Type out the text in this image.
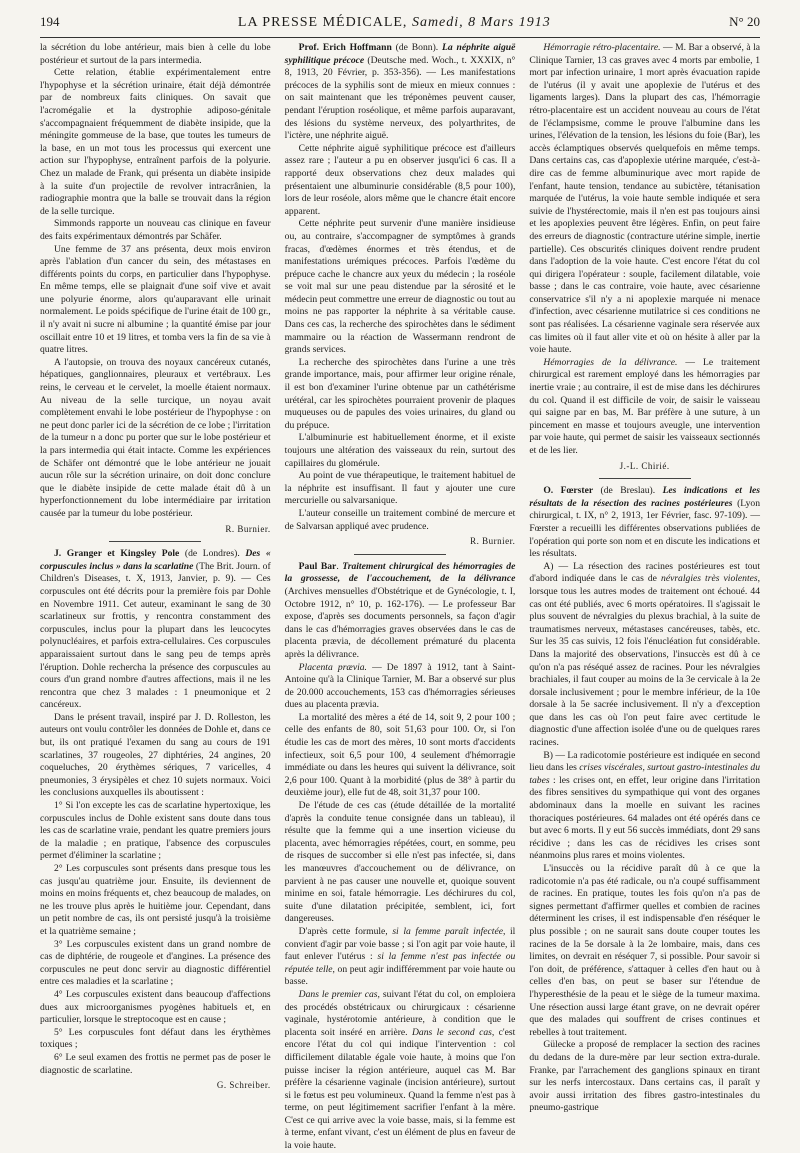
194	LA PRESSE MÉDICALE, Samedi, 8 Mars 1913	N° 20

la sécrétion du lobe antérieur, mais bien à celle du lobe postérieur et surtout de la pars intermedia.

Cette relation, établie expérimentalement entre l'hypophyse et la sécrétion urinaire, était déjà démontrée par de nombreux faits cliniques. On savait que l'acromégalie et la dystrophie adiposo-génitale s'accompagnaient fréquemment de diabète insipide, que la méningite gommeuse de la base, que toutes les tumeurs de la base, en un mot tous les processus qui exercent une action sur l'hypophyse, entraînent parfois de la polyurie. Chez un malade de Frank, qui présenta un diabète insipide à la suite d'un projectile de revolver intracrânien, la radiographie montra que la balle se trouvait dans la région de la selle turcique.

Simmonds rapporte un nouveau cas clinique en faveur des faits expérimentaux démontrés par Schäfer.

Une femme de 37 ans présenta, deux mois environ après l'ablation d'un cancer du sein, des métastases en différents points du corps, en particulier dans l'hypophyse. En même temps, elle se plaignait d'une soif vive et avait une polyurie énorme, alors qu'auparavant elle urinait normalement. Le poids spécifique de l'urine était de 100 gr., il n'y avait ni sucre ni albumine ; la quantité émise par jour oscillait entre 10 et 19 litres, et tomba vers la fin de sa vie à quatre litres.

A l'autopsie, on trouva des noyaux cancéreux cutanés, hépatiques, ganglionnaires, pleuraux et vertébraux. Les reins, le cerveau et le cervelet, la moelle étaient normaux. Au niveau de la selle turcique, un noyau avait complètement envahi le lobe postérieur de l'hypophyse : on ne peut donc parler ici de la sécrétion de ce lobe ; l'irritation de la tumeur n a donc pu porter que sur le lobe postérieur et la pars intermedia qui était intacte. Comme les expériences de Schäfer ont démontré que le lobe antérieur ne jouait aucun rôle sur la sécrétion urinaire, on doit donc conclure que le diabète insipide de cette malade était dû à un hyperfonctionnement du lobe intermédiaire par irritation causée par la tumeur du lobe postérieur.

R. Burnier.

J. Granger et Kingsley Pole (de Londres). Des « corpuscules inclus » dans la scarlatine (The Brit. Journ. of Children's Diseases, t. X, 1913, Janvier, p. 9). — Ces corpuscules ont été décrits pour la première fois par Dohle en Novembre 1911. Cet auteur, examinant le sang de 30 scarlatineux sur frottis, y rencontra constamment des corpuscules, inclus pour la plupart dans les leucocytes polynucléaires, et parfois extra-cellulaires. Ces corpuscules apparaissaient surtout dans le sang peu de temps après l'éruption. Dohle rechercha la présence des corpuscules au cours d'un grand nombre d'autres affections, mais il ne les rencontra que chez 3 malades : 1 pneumonique et 2 cancéreux.

Dans le présent travail, inspiré par J. D. Rolleston, les auteurs ont voulu contrôler les données de Dohle et, dans ce but, ils ont pratiqué l'examen du sang au cours de 191 scarlatines, 37 rougeoles, 27 diphtéries, 24 angines, 20 coqueluches, 20 érythèmes sériques, 7 varicelles, 4 pneumonies, 3 érysipèles et chez 10 sujets normaux. Voici les conclusions auxquelles ils aboutissent :

1° Si l'on excepte les cas de scarlatine hypertoxique, les corpuscules inclus de Dohle existent sans doute dans tous les cas de scarlatine vraie, pendant les quatre premiers jours de la maladie ; en pratique, l'absence des corpuscules permet d'éliminer la scarlatine ;

2° Les corpuscules sont présents dans presque tous les cas jusqu'au quatrième jour. Ensuite, ils deviennent de moins en moins fréquents et, chez beaucoup de malades, on ne les trouve plus après le huitième jour. Cependant, dans un petit nombre de cas, ils ont persisté jusqu'à la troisième et la quatrième semaine ;

3° Les corpuscules existent dans un grand nombre de cas de diphtérie, de rougeole et d'angines. La présence des corpuscules ne peut donc servir au diagnostic différentiel entre ces maladies et la scarlatine ;

4° Les corpuscules existent dans beaucoup d'affections dues aux microorganismes pyogènes habituels et, en particulier, lorsque le streptocoque est en cause ;

5° Les corpuscules font défaut dans les érythèmes toxiques ;

6° Le seul examen des frottis ne permet pas de poser le diagnostic de scarlatine.

G. Schreiber.

Prof. Erich Hoffmann (de Bonn). La néphrite aiguë syphilitique précoce (Deutsche med. Woch., t. XXXIX, n° 8, 1913, 20 Février, p. 353-356). — Les manifestations précoces de la syphilis sont de mieux en mieux connues : on sait maintenant que les tréponèmes peuvent causer, pendant l'éruption roséolique, et même parfois auparavant, des lésions du système nerveux, des polyarthrites, de l'ictère, une néphrite aiguë.

Cette néphrite aiguë syphilitique précoce est d'ailleurs assez rare ; l'auteur a pu en observer jusqu'ici 6 cas. Il a rapporté deux observations chez deux malades qui présentaient une albuminurie considérable (8,5 pour 100), lors de leur roséole, alors même que le chancre était encore apparent.

Cette néphrite peut survenir d'une manière insidieuse ou, au contraire, s'accompagner de symptômes à grands fracas, d'œdèmes énormes et très étendus, et de manifestations urémiques précoces. Parfois l'œdème du prépuce cache le chancre aux yeux du médecin ; la roséole se voit mal sur une peau distendue par la sérosité et le médecin peut commettre une erreur de diagnostic ou tout au moins ne pas rapporter la néphrite à sa véritable cause. Dans ces cas, la recherche des spirochètes dans le sédiment mammaire ou la réaction de Wassermann rendront de grands services.

La recherche des spirochètes dans l'urine a une très grande importance, mais, pour affirmer leur origine rénale, il est bon d'examiner l'urine obtenue par un cathétérisme urétéral, car les spirochètes pourraient provenir de plaques muqueuses ou de papules des voies urinaires, du gland ou du prépuce.

L'albuminurie est habituellement énorme, et il existe toujours une altération des vaisseaux du rein, surtout des capillaires du glomérule.

Au point de vue thérapeutique, le traitement habituel de la néphrite est insuffisant. Il faut y ajouter une cure mercurielle ou salvarsanique.

L'auteur conseille un traitement combiné de mercure et de Salvarsan appliqué avec prudence.

R. Burnier.

Paul Bar. Traitement chirurgical des hémorragies de la grossesse, de l'accouchement, de la délivrance (Archives mensuelles d'Obstétrique et de Gynécologie, t. I, Octobre 1912, n° 10, p. 162-176). — Le professeur Bar expose, d'après ses documents personnels, sa façon d'agir dans le cas d'hémorragies graves observées dans le cas de placenta prævia, de décollement prématuré du placenta après la délivrance.

Placenta prævia. — De 1897 à 1912, tant à Saint-Antoine qu'à la Clinique Tarnier, M. Bar a observé sur plus de 20.000 accouchements, 153 cas d'hémorragies sérieuses dues au placenta prævia.

La mortalité des mères a été de 14, soit 9, 2 pour 100 ; celle des enfants de 80, soit 51,63 pour 100. Or, si l'on étudie les cas de mort des mères, 10 sont morts d'accidents infectieux, soit 6,5 pour 100, 4 seulement d'hémorragie immédiate ou dans les heures qui suivent la délivrance, soit 2,6 pour 100. Quant à la morbidité (plus de 38° à partir du deuxième jour), elle fut de 48, soit 31,37 pour 100.

De l'étude de ces cas (étude détaillée de la mortalité d'après la conduite tenue consignée dans un tableau), il résulte que la femme qui a une insertion vicieuse du placenta, avec hémorragies répétées, court, en somme, peu de risques de succomber si elle n'est pas infectée, si, dans les manœuvres d'accouchement ou de délivrance, on parvient à ne pas causer une nouvelle et, quoique souvent minime en soi, fatale hémorragie. Les déchirures du col, suite d'une dilatation précipitée, semblent, ici, fort dangereuses.

D'après cette formule, si la femme paraît infectée, il convient d'agir par voie basse ; si l'on agit par voie haute, il faut enlever l'utérus : si la femme n'est pas infectée ou réputée telle, on peut agir indifféremment par voie haute ou basse.

Dans le premier cas, suivant l'état du col, on emploiera des procédés obstétricaux ou chirurgicaux : césarienne vaginale, hystérotomie antérieure, à condition que le placenta soit inséré en arrière. Dans le second cas, c'est encore l'état du col qui indique l'intervention : col difficilement dilatable égale voie haute, à moins que l'on puisse inciser la région antérieure, auquel cas M. Bar préfère la césarienne vaginale (incision antérieure), surtout si le fœtus est peu volumineux. Quand la femme n'est pas à terme, on peut légitimement sacrifier l'enfant à la mère. C'est ce qui arrive avec la voie basse, mais, si la femme est à terme, enfant vivant, c'est un élément de plus en faveur de la voie haute.

Hémorragie rétro-placentaire. — M. Bar a observé, à la Clinique Tarnier, 13 cas graves avec 4 morts par embolie, 1 mort par infection urinaire, 1 mort après évacuation rapide de l'utérus (il y avait une apoplexie de l'utérus et des ligaments larges). Dans la plupart des cas, l'hémorragie rétro-placentaire est un accident nouveau au cours de l'état de l'éclampsisme, comme le prouve l'albumine dans les urines, l'élévation de la tension, les lésions du foie (Bar), les accès éclamptiques observés quelquefois en même temps. Dans certains cas, cas d'apoplexie utérine marquée, c'est-à-dire cas de femme albuminurique avec mort rapide de l'enfant, haute tension, tendance au subictère, tétanisation marquée de l'utérus, la voie haute semble indiquée et sera suivie de l'hystérectomie, mais il n'en est pas toujours ainsi et les apoplexies peuvent être légères. Enfin, on peut faire des erreurs de diagnostic (contracture utérine simple, inertie partielle). Ces obscurités cliniques doivent rendre prudent dans l'adoption de la voie haute. C'est encore l'état du col qui dirigera l'opérateur : souple, facilement dilatable, voie basse ; dans le cas contraire, voie haute, avec césarienne conservatrice s'il n'y a ni apoplexie marquée ni menace d'infection, avec césarienne mutilatrice si ces conditions ne sont pas réalisées. La césarienne vaginale sera réservée aux cas limites où il faut aller vite et où on hésite à aller par la voie haute.

Hémorragies de la délivrance. — Le traitement chirurgical est rarement employé dans les hémorragies par inertie vraie ; au contraire, il est de mise dans les déchirures du col. Quand il est difficile de voir, de saisir le vaisseau qui saigne par en bas, M. Bar préfère à une suture, à un pincement en masse et toujours aveugle, une intervention par voie haute, qui permet de saisir les vaisseaux sectionnés et de les lier.

J.-L. Chirié.

O. Fœrster (de Breslau). Les indications et les résultats de la résection des racines postérieures (Lyon chirurgical, t. IX, n° 2, 1913, 1er Février, fasc. 97-109). — Fœrster a recueilli les différentes observations publiées de l'opération qui porte son nom et en discute les indications et les résultats.

A) — La résection des racines postérieures est tout d'abord indiquée dans le cas de névralgies très violentes, lorsque tous les autres modes de traitement ont échoué. 44 cas ont été publiés, avec 6 morts opératoires. Il s'agissait le plus souvent de névralgies du plexus brachial, à la suite de traumatismes nerveux, métastases cancéreuses, tabès, etc. Sur les 35 cas suivis, 12 fois l'énucléation fut considérable. Dans la majorité des observations, l'insuccès est dû à ce qu'on n'a pas réséqué assez de racines. Pour les névralgies brachiales, il faut couper au moins de la 3e cervicale à la 2e dorsale inclusivement ; pour le membre inférieur, de la 10e dorsale à la 5e sacrée inclusivement. Il n'y a d'exception que dans les cas où l'on peut faire avec certitude le diagnostic d'une affection isolée d'une ou de quelques rares racines.

B) — La radicotomie postérieure est indiquée en second lieu dans les crises viscérales, surtout gastro-intestinales du tabes : les crises ont, en effet, leur origine dans l'irritation des fibres sensitives du sympathique qui vont des organes abdominaux dans la moelle en suivant les racines thoraciques postérieures. 64 malades ont été opérés dans ce but avec 6 morts. Il y eut 56 succès immédiats, dont 29 sans récidive ; dans les cas de récidives les crises sont néanmoins plus rares et moins violentes.

L'insuccès ou la récidive paraît dû à ce que la radicotomie n'a pas été radicale, ou n'a coupé suffisamment de racines. En pratique, toutes les fois qu'on n'a pas de signes permettant d'affirmer quelles et combien de racines déterminent les crises, il est indispensable d'en réséquer le plus possible ; on ne saurait sans doute couper toutes les racines de la 5e dorsale à la 2e lombaire, mais, dans ces limites, on devrait en réséquer 7, si possible. Pour savoir si l'on doit, de préférence, s'attaquer à celles d'en haut ou à celles d'en bas, on peut se baser sur l'étendue de l'hyperesthésie de la peau et le siège de la tumeur maxima. Une résection aussi large étant grave, on ne devrait opérer que des malades qui souffrent de crises continues et rebelles à tout traitement.

Gülecke a proposé de remplacer la section des racines du dedans de la dure-mère par leur section extra-durale. Franke, par l'arrachement des ganglions spinaux en tirant sur les nerfs intercostaux. Dans certains cas, il paraît y avoir aussi irritation des fibres gastro-intestinales du pneumo-gastrique
